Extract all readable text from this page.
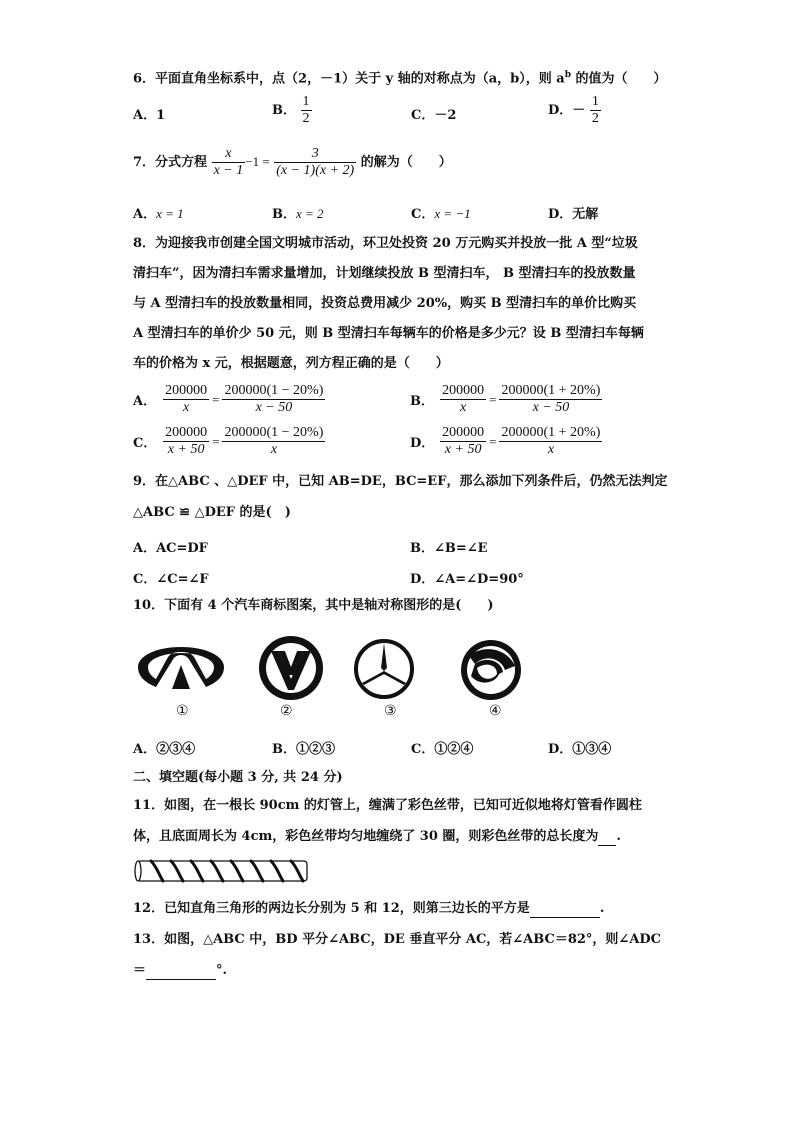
6．平面直角坐标系中，点（2，－1）关于 y 轴的对称点为（a，b），则 $a^b$ 的值为（　　）
A．1	B． $\frac{1}{2}$	C．－2	D．－ $\frac{1}{2}$
7．分式方程 $\frac{x}{x - 1} -1 = \frac{3}{(x - 1)(x + 2)}$ 的解为（　　）
A．x = 1	B．x = 2	C．x = −1	D．无解
8．为迎接我市创建全国文明城市活动，环卫处投资 20 万元购买并投放一批 A 型“垃圾
清扫车”，因为清扫车需求量增加，计划继续投放 B 型清扫车， B 型清扫车的投放数量
与 A 型清扫车的投放数量相同，投资总费用减少 20%，购买 B 型清扫车的单价比购买
A 型清扫车的单价少 50 元，则 B 型清扫车每辆车的价格是多少元？设 B 型清扫车每辆
车的价格为 x 元，根据题意，列方程正确的是（　　）
A． $\frac{200000}{x} = \frac{200000(1 - 20\%)}{x - 50}$	B． $\frac{200000}{x} = \frac{200000(1 + 20\%)}{x - 50}$
C． $\frac{200000}{x + 50} = \frac{200000(1 - 20\%)}{x}$	D． $\frac{200000}{x + 50} = \frac{200000(1 + 20\%)}{x}$
9．在△ABC 、△DEF 中，已知 AB=DE，BC=EF，那么添加下列条件后，仍然无法判定
△ABC ≌ △DEF 的是(　)
A．AC=DF	B．∠B=∠E
C．∠C=∠F	D．∠A=∠D=90°
10．下面有 4 个汽车商标图案，其中是轴对称图形的是(　　)
①	②	③	④
A．②③④	B．①②③	C．①②④	D．①③④
二、填空题(每小题 3 分, 共 24 分)
11．如图，在一根长 90cm 的灯管上，缠满了彩色丝带，已知可近似地将灯管看作圆柱
体，且底面周长为 4cm，彩色丝带均匀地缠绕了 30 圈，则彩色丝带的总长度为 .
12．已知直角三角形的两边长分别为 5 和 12，则第三边长的平方是	.
13．如图，△ABC 中，BD 平分∠ABC，DE 垂直平分 AC，若∠ABC＝82°，则∠ADC
＝	°.
